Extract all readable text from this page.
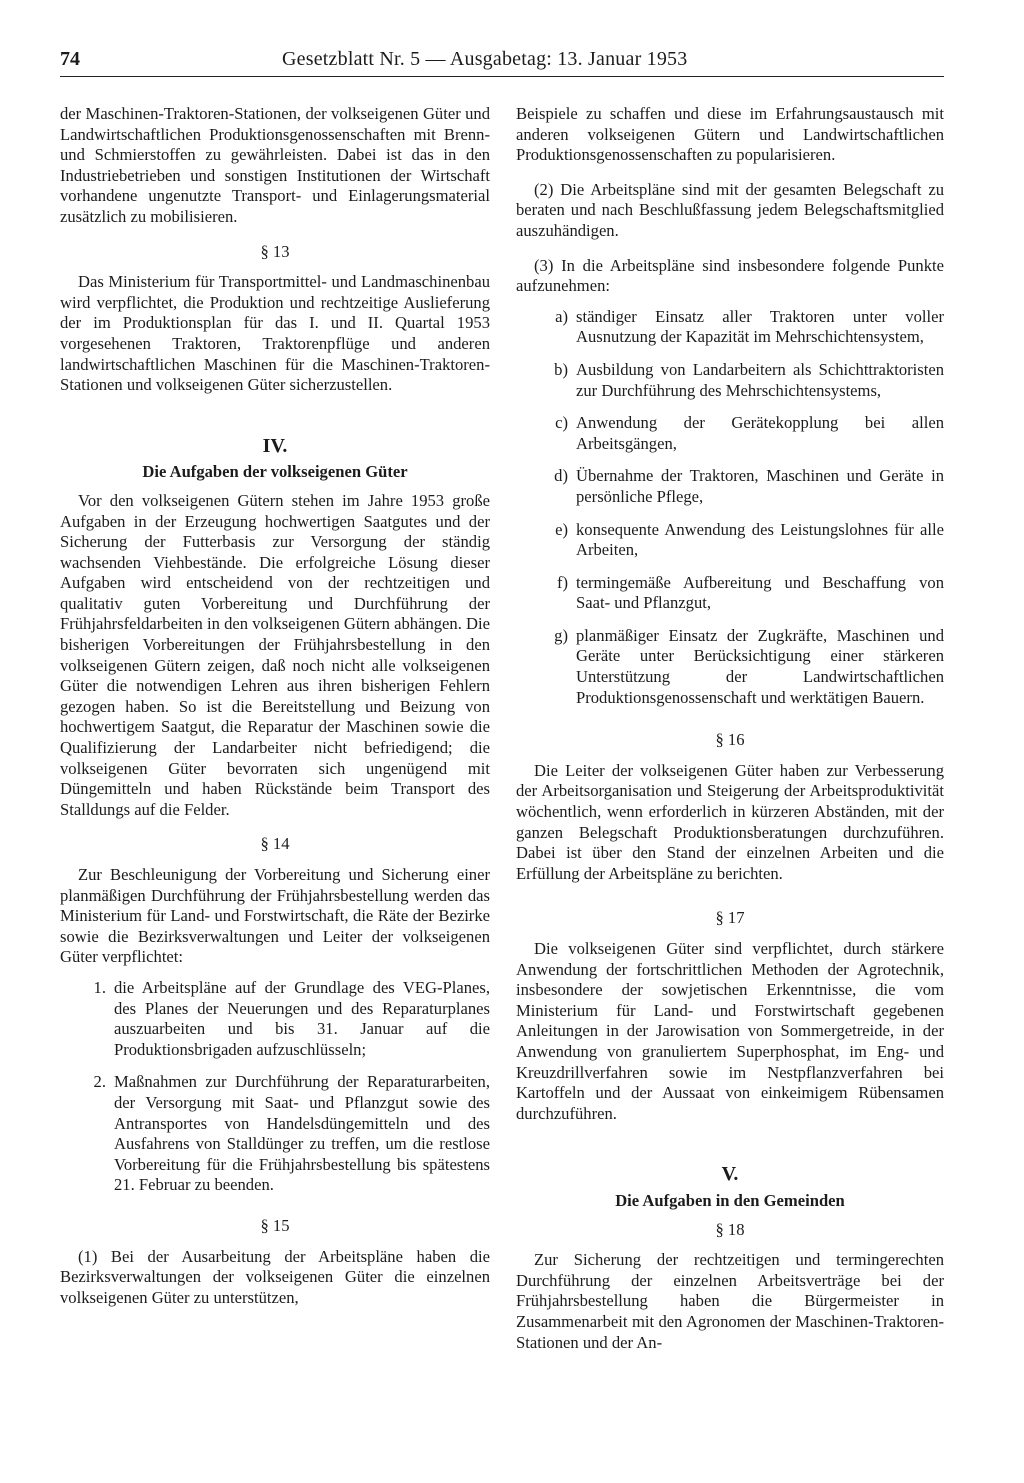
74	Gesetzblatt Nr. 5 — Ausgabetag: 13. Januar 1953

der Maschinen-Traktoren-Stationen, der volkseigenen Güter und Landwirtschaftlichen Produktionsgenossenschaften mit Brenn- und Schmierstoffen zu gewährleisten. Dabei ist das in den Industriebetrieben und sonstigen Institutionen der Wirtschaft vorhandene ungenutzte Transport- und Einlagerungsmaterial zusätzlich zu mobilisieren.

§ 13

Das Ministerium für Transportmittel- und Landmaschinenbau wird verpflichtet, die Produktion und rechtzeitige Auslieferung der im Produktionsplan für das I. und II. Quartal 1953 vorgesehenen Traktoren, Traktorenpflüge und anderen landwirtschaftlichen Maschinen für die Maschinen-Traktoren-Stationen und volkseigenen Güter sicherzustellen.

IV.
Die Aufgaben der volkseigenen Güter

Vor den volkseigenen Gütern stehen im Jahre 1953 große Aufgaben in der Erzeugung hochwertigen Saatgutes und der Sicherung der Futterbasis zur Versorgung der ständig wachsenden Viehbestände. Die erfolgreiche Lösung dieser Aufgaben wird entscheidend von der rechtzeitigen und qualitativ guten Vorbereitung und Durchführung der Frühjahrsfeldarbeiten in den volkseigenen Gütern abhängen. Die bisherigen Vorbereitungen der Frühjahrsbestellung in den volkseigenen Gütern zeigen, daß noch nicht alle volkseigenen Güter die notwendigen Lehren aus ihren bisherigen Fehlern gezogen haben. So ist die Bereitstellung und Beizung von hochwertigem Saatgut, die Reparatur der Maschinen sowie die Qualifizierung der Landarbeiter nicht befriedigend; die volkseigenen Güter bevorraten sich ungenügend mit Düngemitteln und haben Rückstände beim Transport des Stalldungs auf die Felder.

§ 14

Zur Beschleunigung der Vorbereitung und Sicherung einer planmäßigen Durchführung der Frühjahrsbestellung werden das Ministerium für Land- und Forstwirtschaft, die Räte der Bezirke sowie die Bezirksverwaltungen und Leiter der volkseigenen Güter verpflichtet:

1. die Arbeitspläne auf der Grundlage des VEG-Planes, des Planes der Neuerungen und des Reparaturplanes auszuarbeiten und bis 31. Januar auf die Produktionsbrigaden aufzuschlüsseln;
2. Maßnahmen zur Durchführung der Reparaturarbeiten, der Versorgung mit Saat- und Pflanzgut sowie des Antransportes von Handelsdüngemitteln und des Ausfahrens von Stalldünger zu treffen, um die restlose Vorbereitung für die Frühjahrsbestellung bis spätestens 21. Februar zu beenden.
§ 15

(1) Bei der Ausarbeitung der Arbeitspläne haben die Bezirksverwaltungen der volkseigenen Güter die einzelnen volkseigenen Güter zu unterstützen,

Beispiele zu schaffen und diese im Erfahrungsaustausch mit anderen volkseigenen Gütern und Landwirtschaftlichen Produktionsgenossenschaften zu popularisieren.

(2) Die Arbeitspläne sind mit der gesamten Belegschaft zu beraten und nach Beschlußfassung jedem Belegschaftsmitglied auszuhändigen.

(3) In die Arbeitspläne sind insbesondere folgende Punkte aufzunehmen:

a) ständiger Einsatz aller Traktoren unter voller Ausnutzung der Kapazität im Mehrschichtensystem,
b) Ausbildung von Landarbeitern als Schichttraktoristen zur Durchführung des Mehrschichtensystems,
c) Anwendung der Gerätekopplung bei allen Arbeitsgängen,
d) Übernahme der Traktoren, Maschinen und Geräte in persönliche Pflege,
e) konsequente Anwendung des Leistungslohnes für alle Arbeiten,
f) termingemäße Aufbereitung und Beschaffung von Saat- und Pflanzgut,
g) planmäßiger Einsatz der Zugkräfte, Maschinen und Geräte unter Berücksichtigung einer stärkeren Unterstützung der Landwirtschaftlichen Produktionsgenossenschaft und werktätigen Bauern.
§ 16

Die Leiter der volkseigenen Güter haben zur Verbesserung der Arbeitsorganisation und Steigerung der Arbeitsproduktivität wöchentlich, wenn erforderlich in kürzeren Abständen, mit der ganzen Belegschaft Produktionsberatungen durchzuführen. Dabei ist über den Stand der einzelnen Arbeiten und die Erfüllung der Arbeitspläne zu berichten.

§ 17

Die volkseigenen Güter sind verpflichtet, durch stärkere Anwendung der fortschrittlichen Methoden der Agrotechnik, insbesondere der sowjetischen Erkenntnisse, die vom Ministerium für Land- und Forstwirtschaft gegebenen Anleitungen in der Jarowisation von Sommergetreide, in der Anwendung von granuliertem Superphosphat, im Eng- und Kreuzdrillverfahren sowie im Nestpflanzverfahren bei Kartoffeln und der Aussaat von einkeimigem Rübensamen durchzuführen.

V.
Die Aufgaben in den Gemeinden
§ 18

Zur Sicherung der rechtzeitigen und termingerechten Durchführung der einzelnen Arbeitsverträge bei der Frühjahrsbestellung haben die Bürgermeister in Zusammenarbeit mit den Agronomen der Maschinen-Traktoren-Stationen und der An-
